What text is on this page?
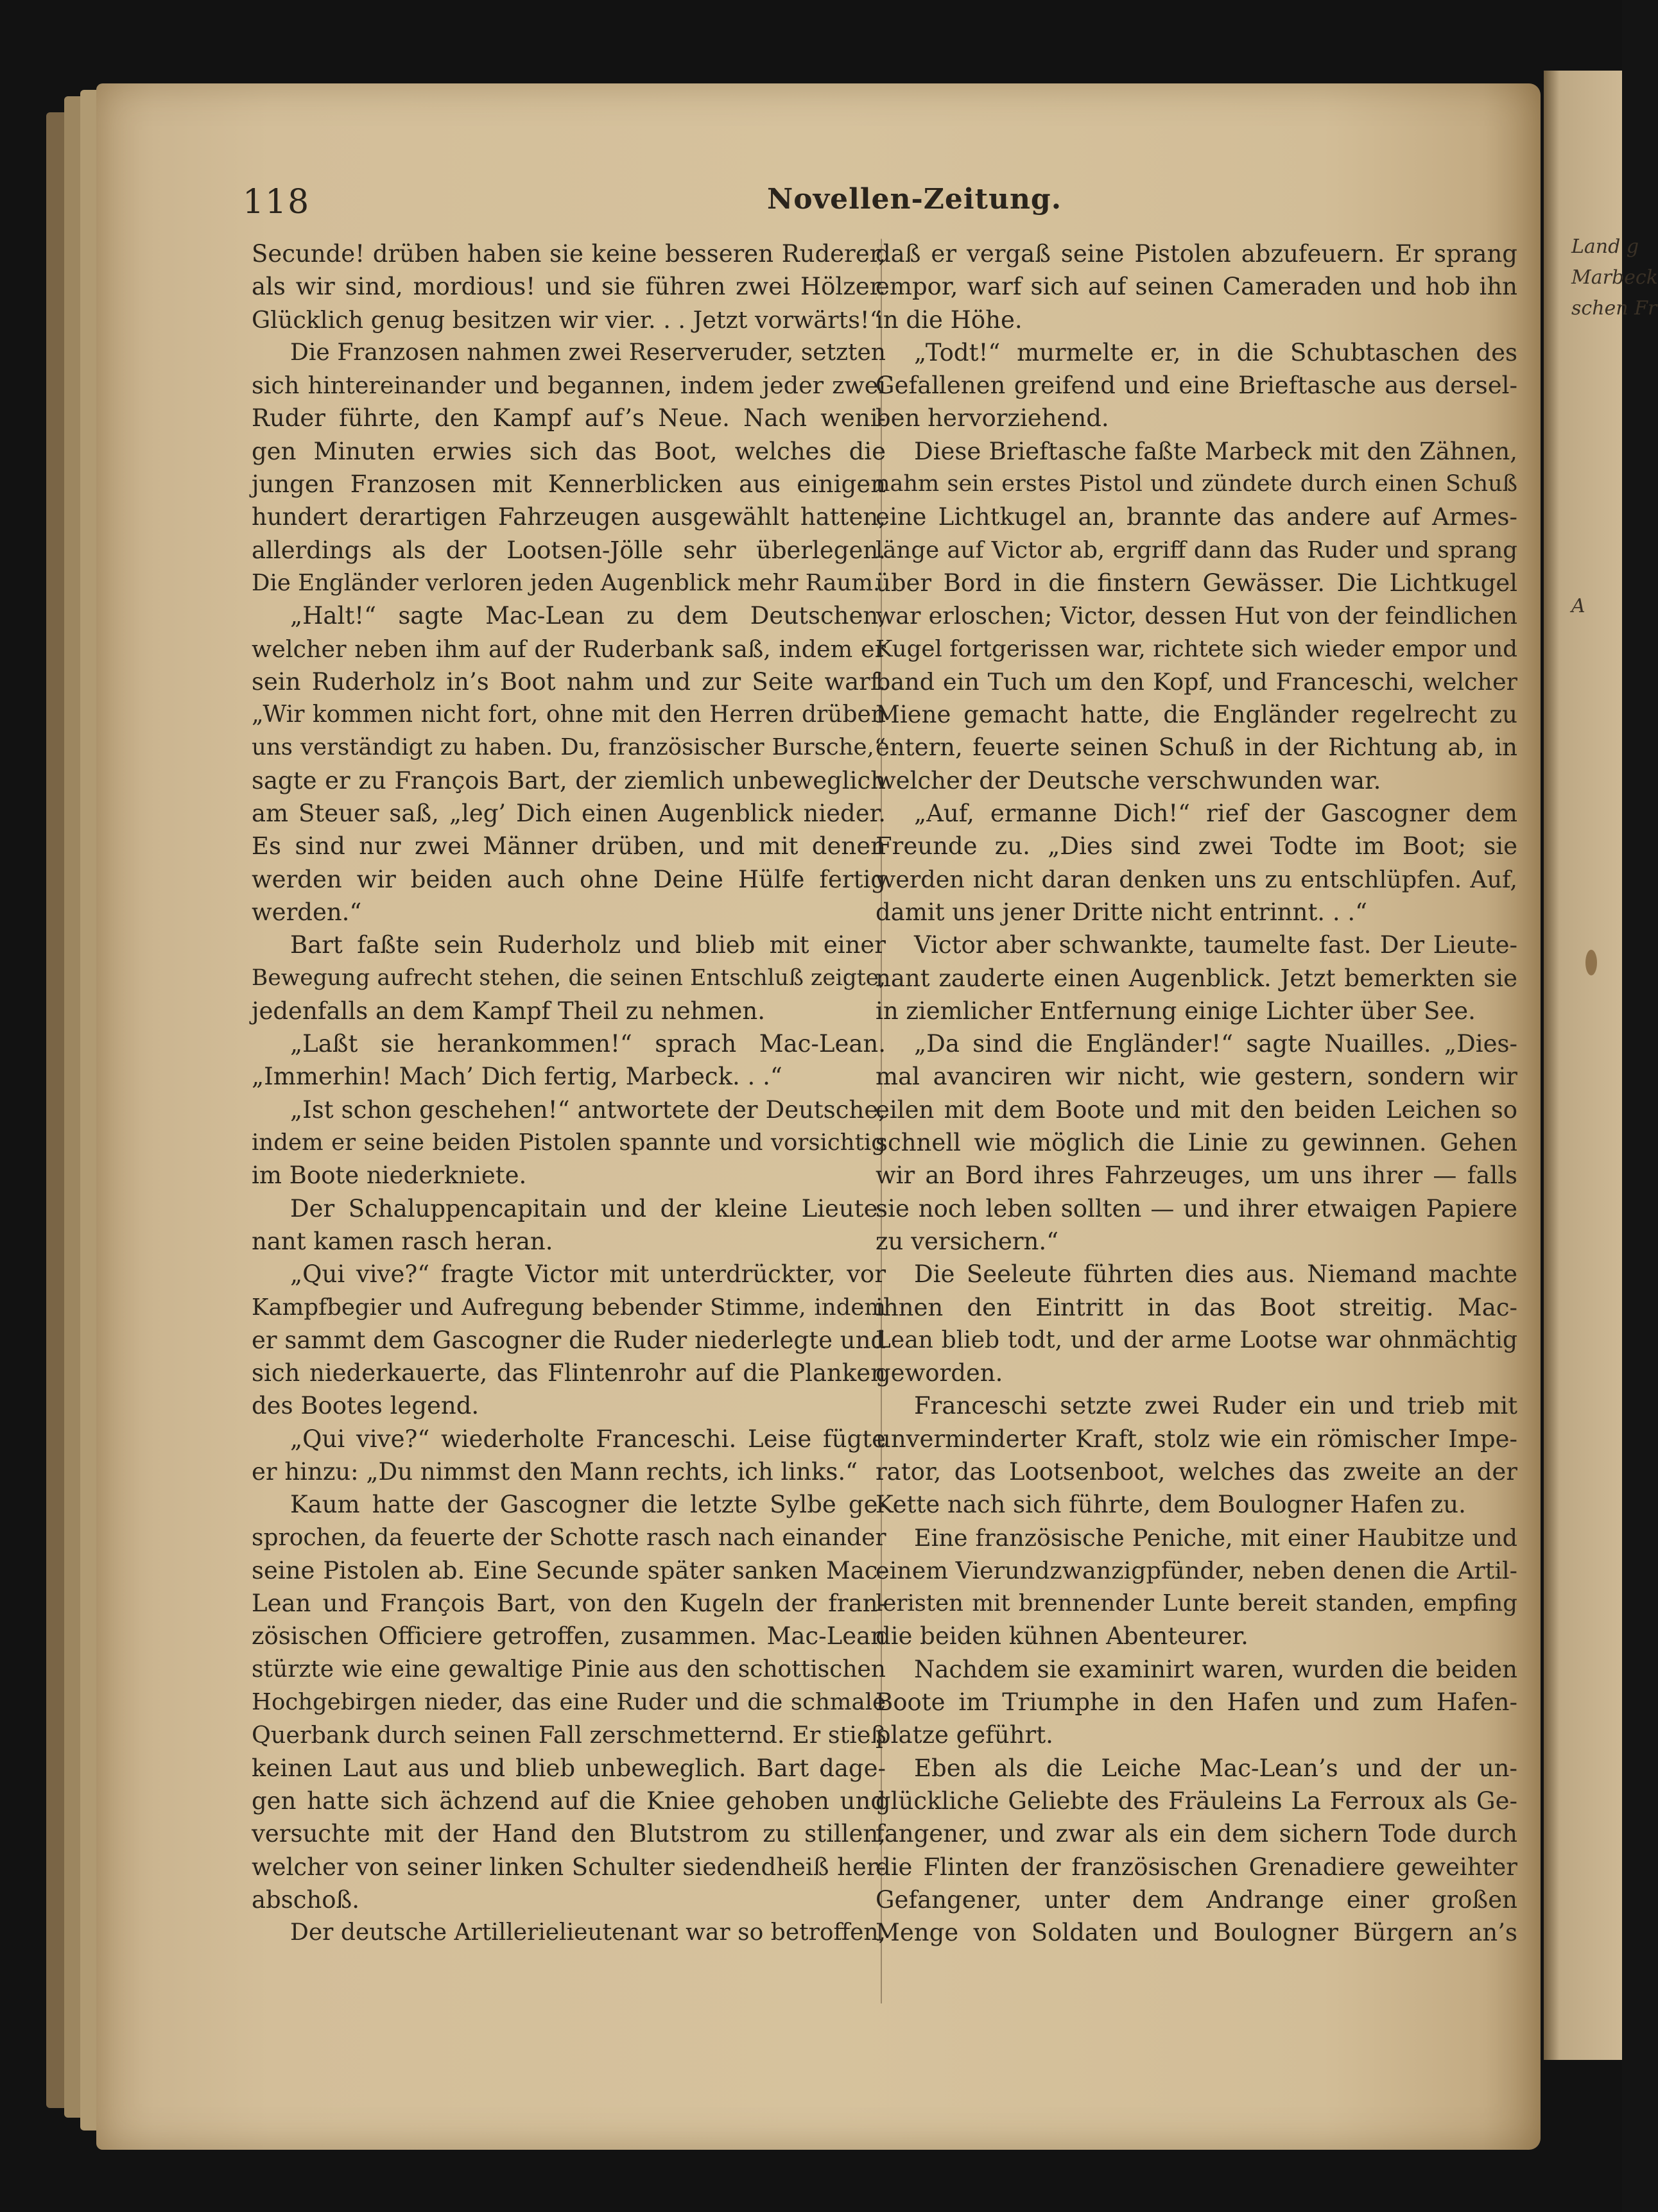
Land g
Marbeck
schen Fr
A
118	Novellen-Zeitung.
Secunde! drüben haben sie keine besseren Ruderer,
als wir sind, mordious! und sie führen zwei Hölzer.
Glücklich genug besitzen wir vier. . . Jetzt vorwärts!“
Die Franzosen nahmen zwei Reserveruder, setzten
sich hintereinander und begannen, indem jeder zwei
Ruder führte, den Kampf auf’s Neue. Nach weni-
gen Minuten erwies sich das Boot, welches die
jungen Franzosen mit Kennerblicken aus einigen
hundert derartigen Fahrzeugen ausgewählt hatten,
allerdings als der Lootsen-Jölle sehr überlegen.
Die Engländer verloren jeden Augenblick mehr Raum.
„Halt!“ sagte Mac-Lean zu dem Deutschen,
welcher neben ihm auf der Ruderbank saß, indem er
sein Ruderholz in’s Boot nahm und zur Seite warf.
„Wir kommen nicht fort, ohne mit den Herren drüben
uns verständigt zu haben. Du, französischer Bursche,“
sagte er zu François Bart, der ziemlich unbeweglich
am Steuer saß, „leg’ Dich einen Augenblick nieder.
Es sind nur zwei Männer drüben, und mit denen
werden wir beiden auch ohne Deine Hülfe fertig
werden.“
Bart faßte sein Ruderholz und blieb mit einer
Bewegung aufrecht stehen, die seinen Entschluß zeigte,
jedenfalls an dem Kampf Theil zu nehmen.
„Laßt sie herankommen!“ sprach Mac-Lean.
„Immerhin! Mach’ Dich fertig, Marbeck. . .“
„Ist schon geschehen!“ antwortete der Deutsche,
indem er seine beiden Pistolen spannte und vorsichtig
im Boote niederkniete.
Der Schaluppencapitain und der kleine Lieute-
nant kamen rasch heran.
„Qui vive?“ fragte Victor mit unterdrückter, vor
Kampfbegier und Aufregung bebender Stimme, indem
er sammt dem Gascogner die Ruder niederlegte und
sich niederkauerte, das Flintenrohr auf die Planken
des Bootes legend.
„Qui vive?“ wiederholte Franceschi. Leise fügte
er hinzu: „Du nimmst den Mann rechts, ich links.“
Kaum hatte der Gascogner die letzte Sylbe ge-
sprochen, da feuerte der Schotte rasch nach einander
seine Pistolen ab. Eine Secunde später sanken Mac-
Lean und François Bart, von den Kugeln der fran-
zösischen Officiere getroffen, zusammen. Mac-Lean
stürzte wie eine gewaltige Pinie aus den schottischen
Hochgebirgen nieder, das eine Ruder und die schmale
Querbank durch seinen Fall zerschmetternd. Er stieß
keinen Laut aus und blieb unbeweglich. Bart dage-
gen hatte sich ächzend auf die Kniee gehoben und
versuchte mit der Hand den Blutstrom zu stillen,
welcher von seiner linken Schulter siedendheiß her-
abschoß.
Der deutsche Artillerielieutenant war so betroffen,
daß er vergaß seine Pistolen abzufeuern. Er sprang
empor, warf sich auf seinen Cameraden und hob ihn
in die Höhe.
„Todt!“ murmelte er, in die Schubtaschen des
Gefallenen greifend und eine Brieftasche aus dersel-
ben hervorziehend.
Diese Brieftasche faßte Marbeck mit den Zähnen,
nahm sein erstes Pistol und zündete durch einen Schuß
eine Lichtkugel an, brannte das andere auf Armes-
länge auf Victor ab, ergriff dann das Ruder und sprang
über Bord in die finstern Gewässer. Die Lichtkugel
war erloschen; Victor, dessen Hut von der feindlichen
Kugel fortgerissen war, richtete sich wieder empor und
band ein Tuch um den Kopf, und Franceschi, welcher
Miene gemacht hatte, die Engländer regelrecht zu
entern, feuerte seinen Schuß in der Richtung ab, in
welcher der Deutsche verschwunden war.
„Auf, ermanne Dich!“ rief der Gascogner dem
Freunde zu. „Dies sind zwei Todte im Boot; sie
werden nicht daran denken uns zu entschlüpfen. Auf,
damit uns jener Dritte nicht entrinnt. . .“
Victor aber schwankte, taumelte fast. Der Lieute-
nant zauderte einen Augenblick. Jetzt bemerkten sie
in ziemlicher Entfernung einige Lichter über See.
„Da sind die Engländer!“ sagte Nuailles. „Dies-
mal avanciren wir nicht, wie gestern, sondern wir
eilen mit dem Boote und mit den beiden Leichen so
schnell wie möglich die Linie zu gewinnen. Gehen
wir an Bord ihres Fahrzeuges, um uns ihrer — falls
sie noch leben sollten — und ihrer etwaigen Papiere
zu versichern.“
Die Seeleute führten dies aus. Niemand machte
ihnen den Eintritt in das Boot streitig. Mac-
Lean blieb todt, und der arme Lootse war ohnmächtig
geworden.
Franceschi setzte zwei Ruder ein und trieb mit
unverminderter Kraft, stolz wie ein römischer Impe-
rator, das Lootsenboot, welches das zweite an der
Kette nach sich führte, dem Boulogner Hafen zu.
Eine französische Peniche, mit einer Haubitze und
einem Vierundzwanzigpfünder, neben denen die Artil-
leristen mit brennender Lunte bereit standen, empfing
die beiden kühnen Abenteurer.
Nachdem sie examinirt waren, wurden die beiden
Boote im Triumphe in den Hafen und zum Hafen-
platze geführt.
Eben als die Leiche Mac-Lean’s und der un-
glückliche Geliebte des Fräuleins La Ferroux als Ge-
fangener, und zwar als ein dem sichern Tode durch
die Flinten der französischen Grenadiere geweihter
Gefangener, unter dem Andrange einer großen
Menge von Soldaten und Boulogner Bürgern an’s
